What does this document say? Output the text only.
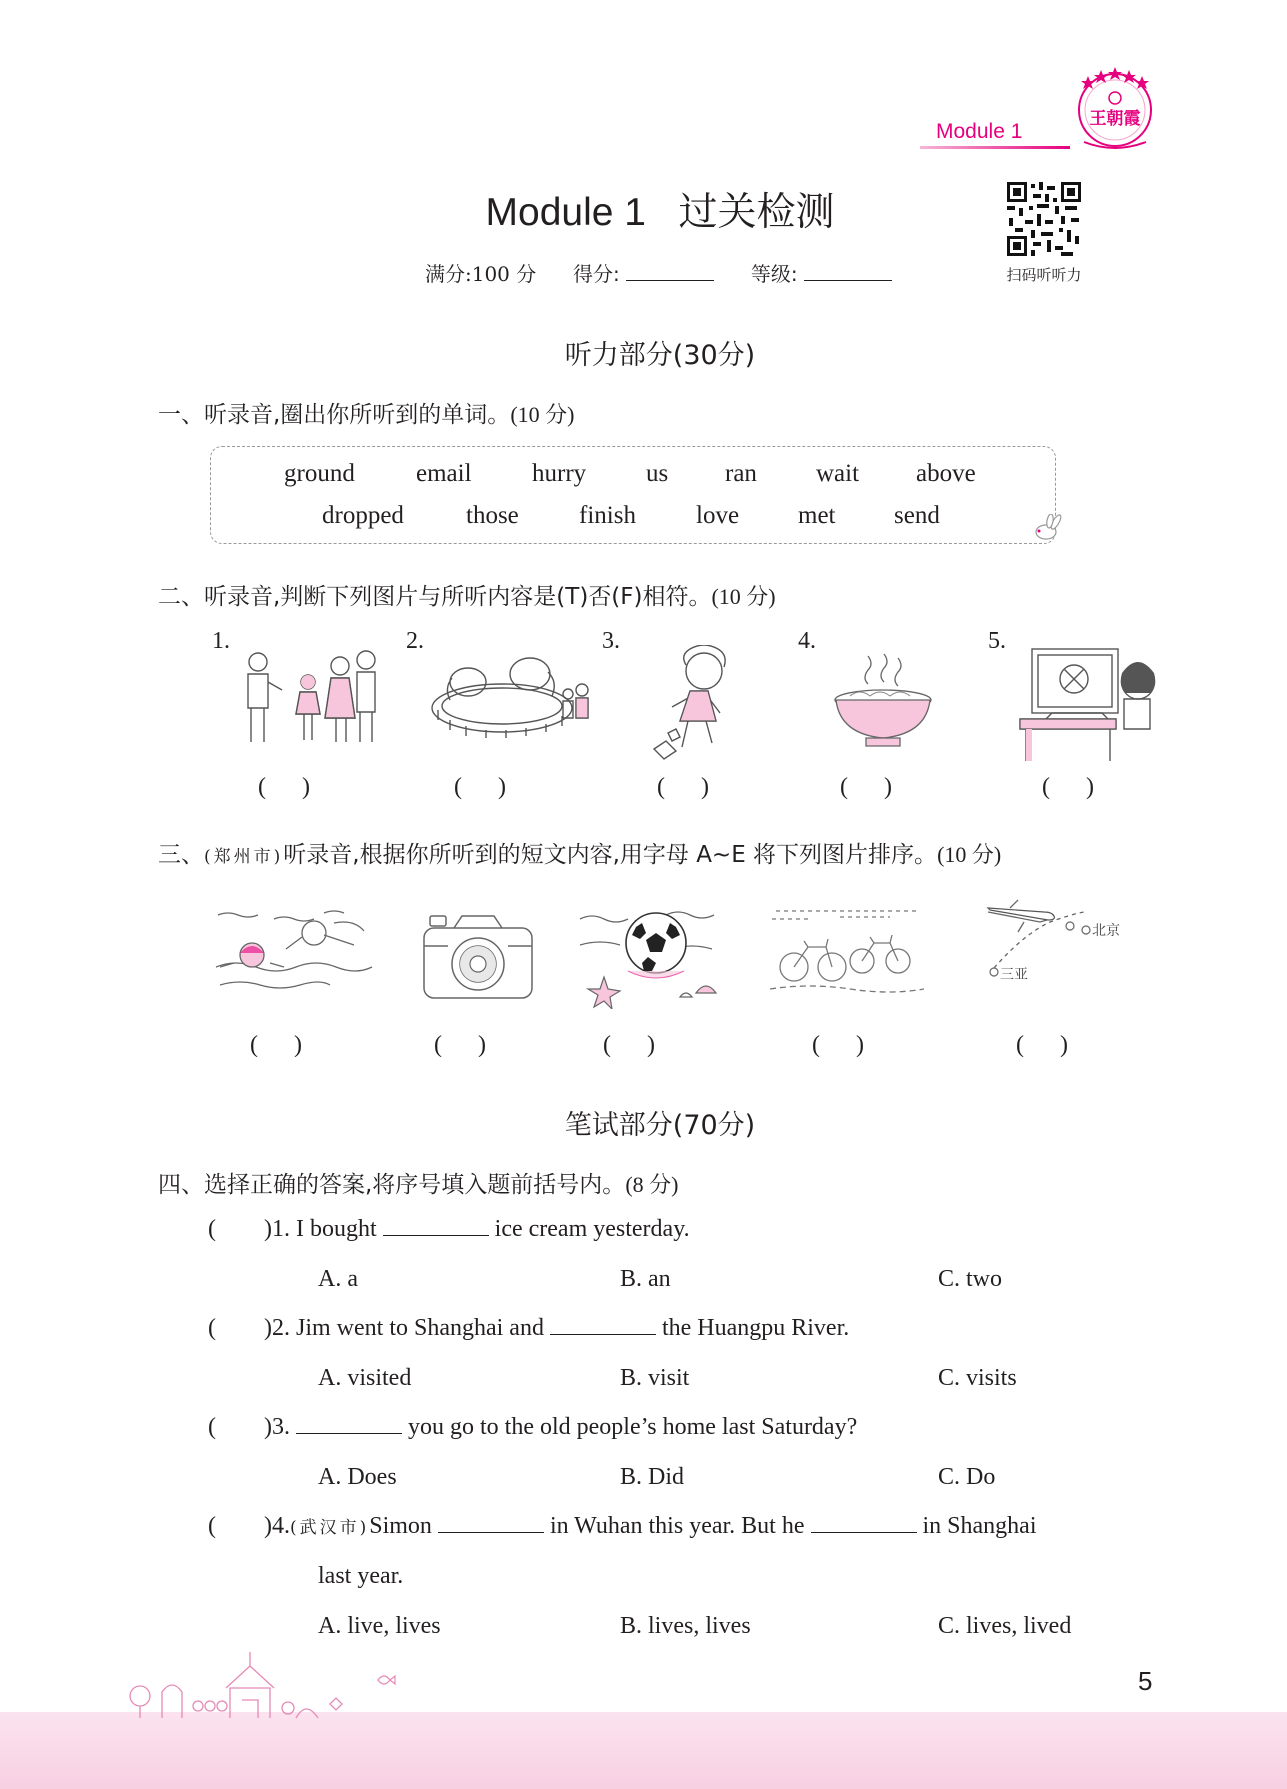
Module 1
王朝霞
Module 1   过关检测
满分:100 分 得分:	等级:	扫码听听力
听力部分(30分)
一、听录音,圈出你所听到的单词。(10 分)
ground email hurry us ran wait above
dropped those finish love met send
二、听录音,判断下列图片与所听内容是(T)否(F)相符。(10 分)
1.	2.	3.	4.	5.
(      )	(      )	(      )	(      )	(      )
三、(郑州市)听录音,根据你所听到的短文内容,用字母 A~E 将下列图片排序。(10 分)
北京
三亚
(      )	(      )	(      )	(      )	(      )
笔试部分(70分)
四、选择正确的答案,将序号填入题前括号内。(8 分)
(        )1. I bought	ice cream yesterday.
A. a	B. an	C. two
(        )2. Jim went to Shanghai and	the Huangpu River.
A. visited	B. visit	C. visits
(        )3.	you go to the old people’s home last Saturday?
A. Does	B. Did	C. Do
(        )4.(武汉市)Simon	in Wuhan this year. But he	in Shanghai
last year.
A. live, lives	B. lives, lives	C. lives, lived
5
